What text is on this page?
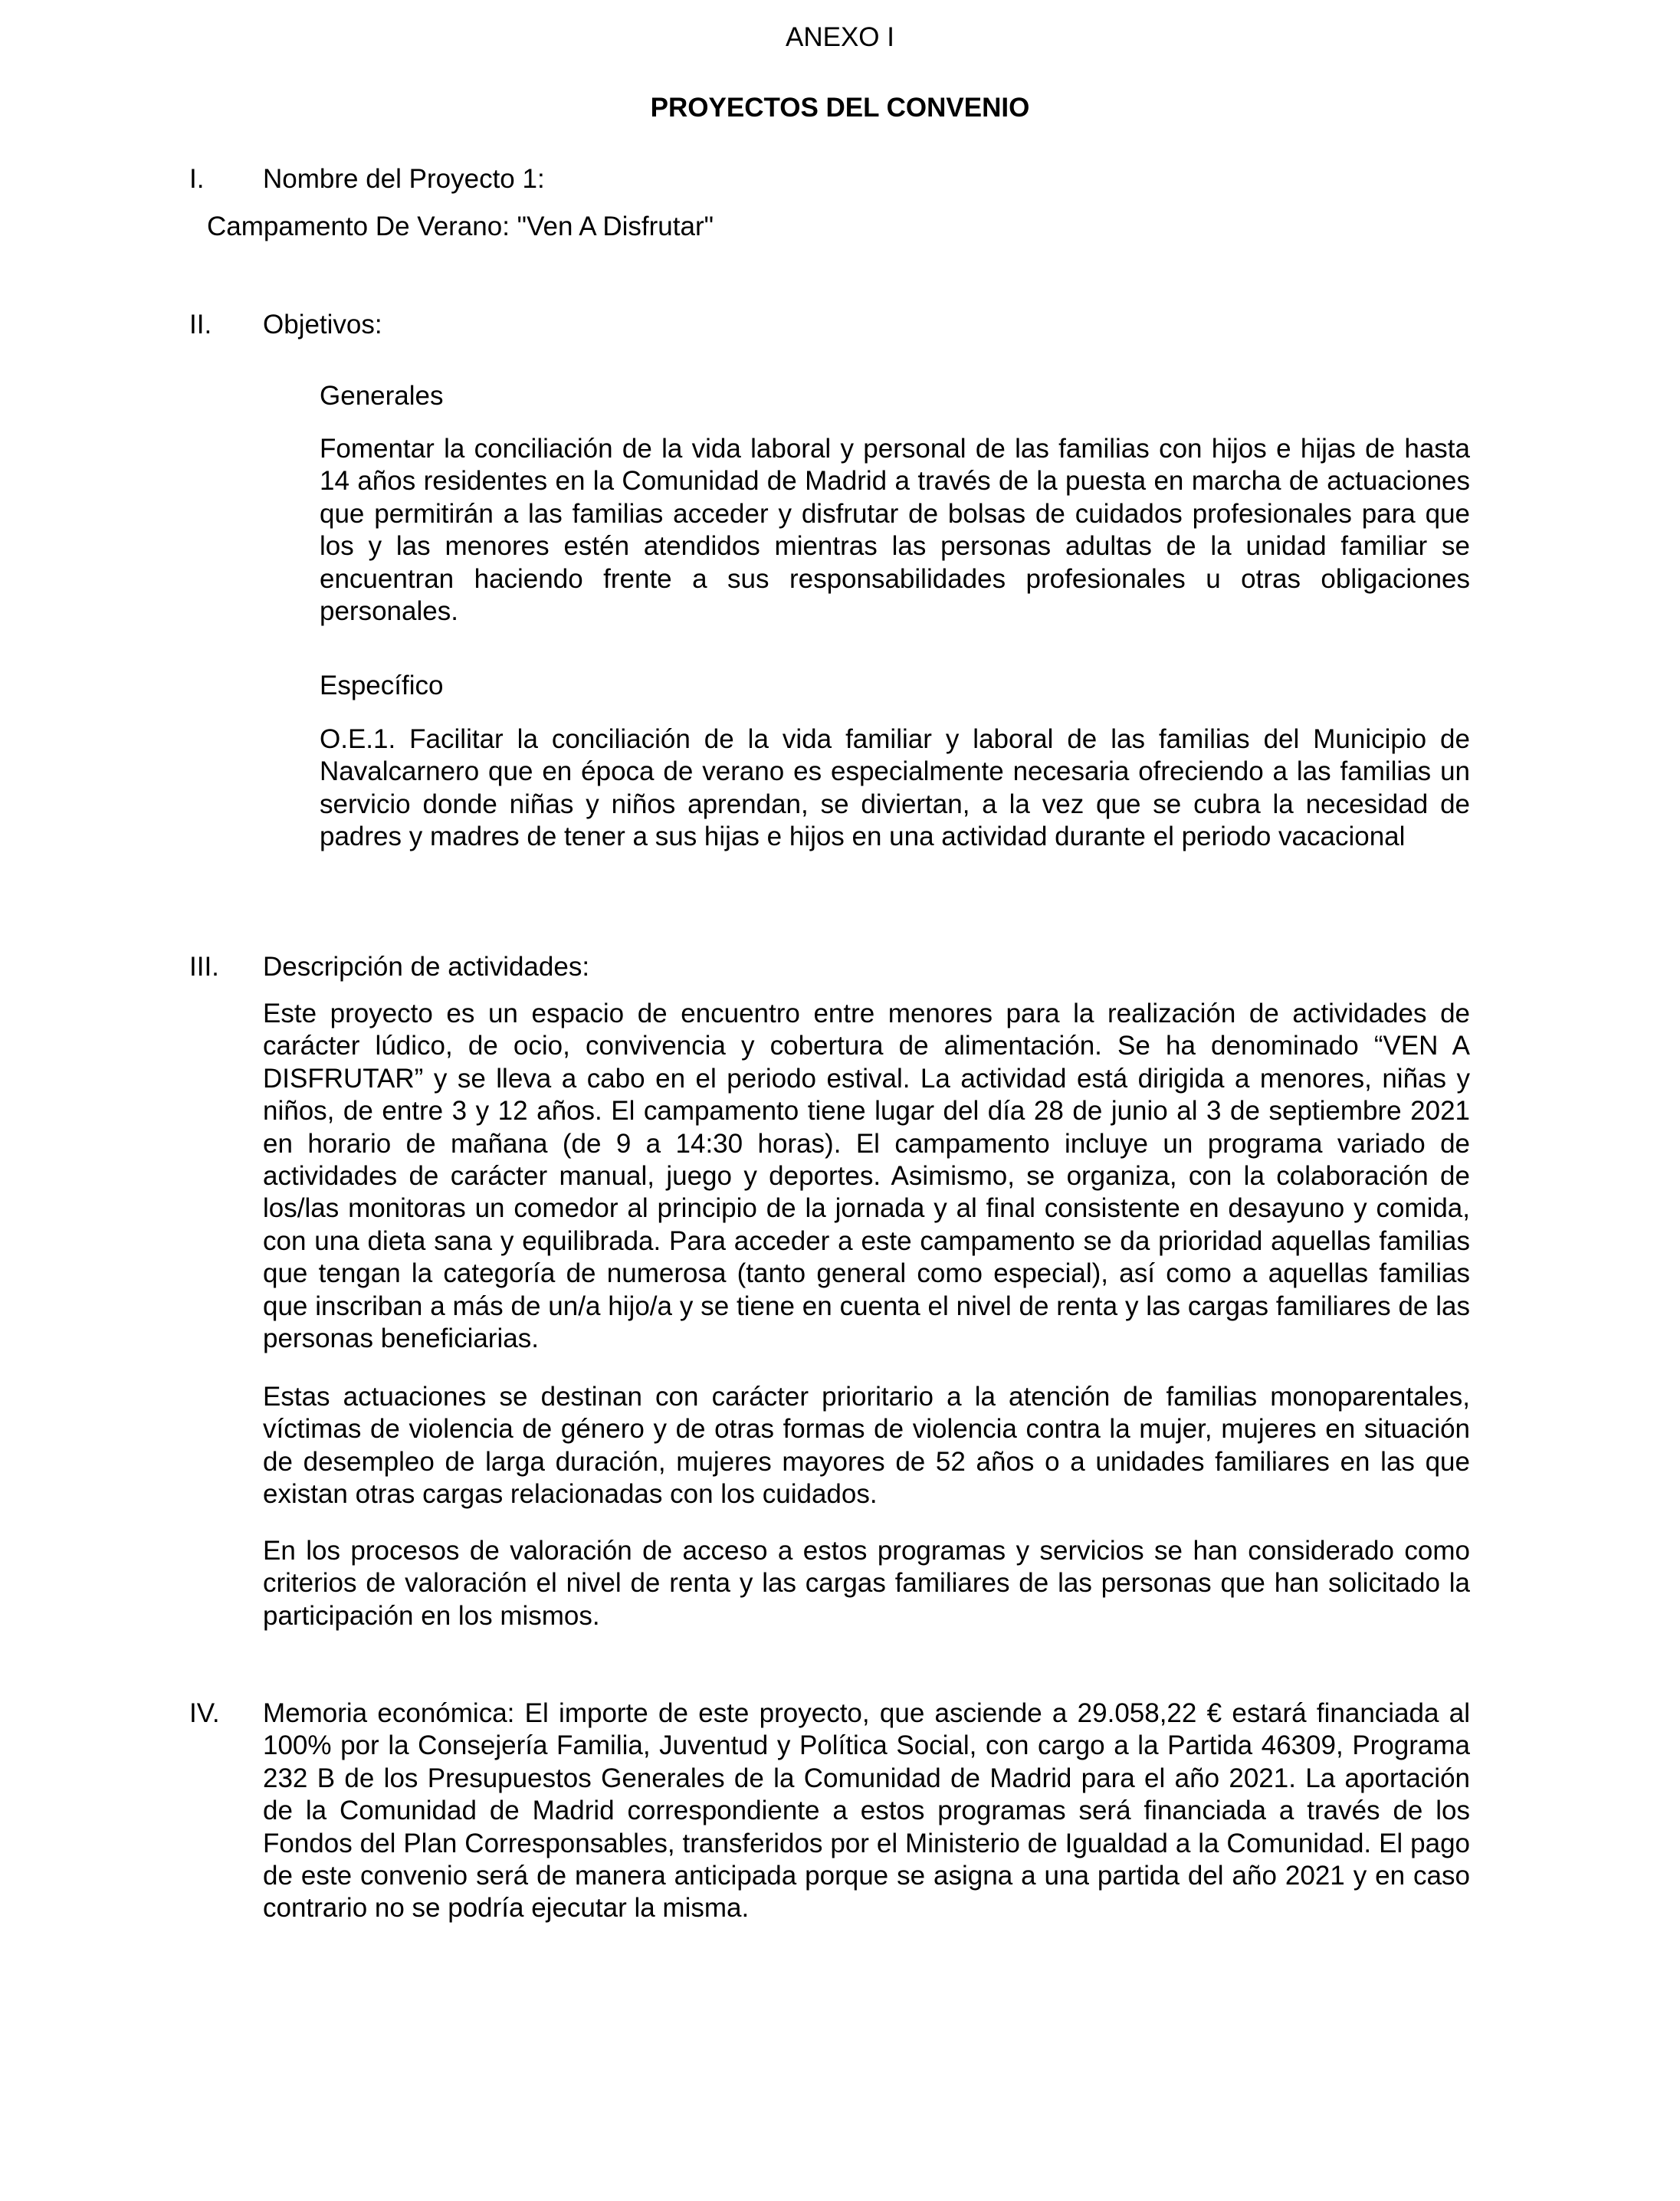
ANEXO I
PROYECTOS DEL CONVENIO
I. Nombre del Proyecto 1:
Campamento De Verano: "Ven A Disfrutar"
II. Objetivos:
Generales

Fomentar la conciliación de la vida laboral y personal de las familias con hijos e hijas de hasta 14 años residentes en la Comunidad de Madrid a través de la puesta en marcha de actuaciones que permitirán a las familias acceder y disfrutar de bolsas de cuidados profesionales para que los y las menores estén atendidos mientras las personas adultas de la unidad familiar se encuentran haciendo frente a sus responsabilidades profesionales u otras obligaciones personales.

Específico

O.E.1. Facilitar la conciliación de la vida familiar y laboral de las familias del Municipio de Navalcarnero que en época de verano es especialmente necesaria ofreciendo a las familias un servicio donde niñas y niños aprendan, se diviertan, a la vez que se cubra la necesidad de padres y madres de tener a sus hijas e hijos en una actividad durante el periodo vacacional

III. Descripción de actividades:

Este proyecto es un espacio de encuentro entre menores para la realización de actividades de carácter lúdico, de ocio, convivencia y cobertura de alimentación. Se ha denominado “VEN A DISFRUTAR” y se lleva a cabo en el periodo estival. La actividad está dirigida a menores, niñas y niños, de entre 3 y 12 años. El campamento tiene lugar del día 28 de junio al 3 de septiembre 2021 en horario de mañana (de 9 a 14:30 horas). El campamento incluye un programa variado de actividades de carácter manual, juego y deportes. Asimismo, se organiza, con la colaboración de los/las monitoras un comedor al principio de la jornada y al final consistente en desayuno y comida, con una dieta sana y equilibrada. Para acceder a este campamento se da prioridad aquellas familias que tengan la categoría de numerosa (tanto general como especial), así como a aquellas familias que inscriban a más de un/a hijo/a y se tiene en cuenta el nivel de renta y las cargas familiares de las personas beneficiarias.

Estas actuaciones se destinan con carácter prioritario a la atención de familias monoparentales, víctimas de violencia de género y de otras formas de violencia contra la mujer, mujeres en situación de desempleo de larga duración, mujeres mayores de 52 años o a unidades familiares en las que existan otras cargas relacionadas con los cuidados.

En los procesos de valoración de acceso a estos programas y servicios se han considerado como criterios de valoración el nivel de renta y las cargas familiares de las personas que han solicitado la participación en los mismos.

IV. Memoria económica: El importe de este proyecto, que asciende a 29.058,22 € estará financiada al 100% por la Consejería Familia, Juventud y Política Social, con cargo a la Partida 46309, Programa 232 B de los Presupuestos Generales de la Comunidad de Madrid para el año 2021. La aportación de la Comunidad de Madrid correspondiente a estos programas será financiada a través de los Fondos del Plan Corresponsables, transferidos por el Ministerio de Igualdad a la Comunidad. El pago de este convenio será de manera anticipada porque se asigna a una partida del año 2021 y en caso contrario no se podría ejecutar la misma.
